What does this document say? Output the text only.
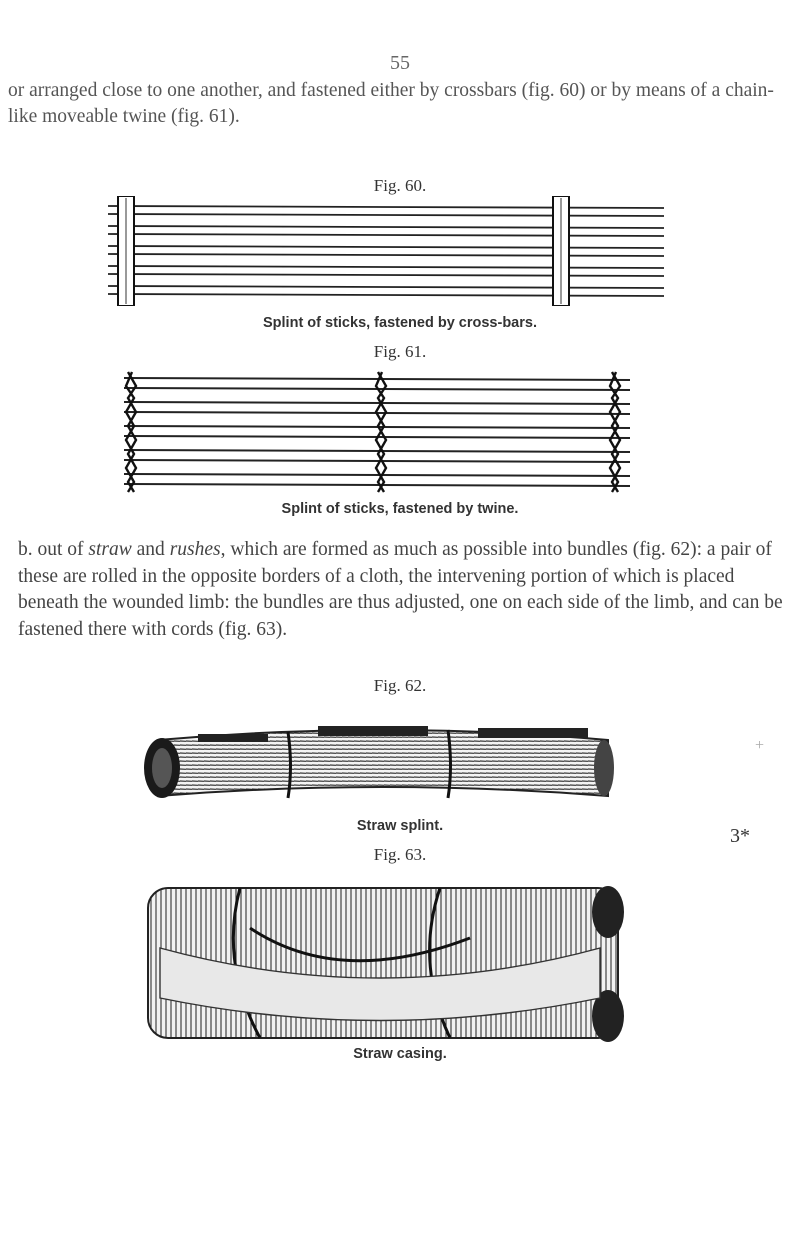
55
or arranged close to one another, and fastened either by crossbars (fig. 60) or by means of a chain-like moveable twine (fig. 61).
Fig. 60.
Splint of sticks, fastened by cross-bars.
Fig. 61.
Splint of sticks, fastened by twine.
b. out of straw and rushes, which are formed as much as possible into bundles (fig. 62): a pair of these are rolled in the opposite borders of a cloth, the intervening portion of which is placed beneath the wounded limb: the bundles are thus adjusted, one on each side of the limb, and can be fastened there with cords (fig. 63).
Fig. 62.
Straw splint.
Fig. 63.
Straw casing.
3*
+
